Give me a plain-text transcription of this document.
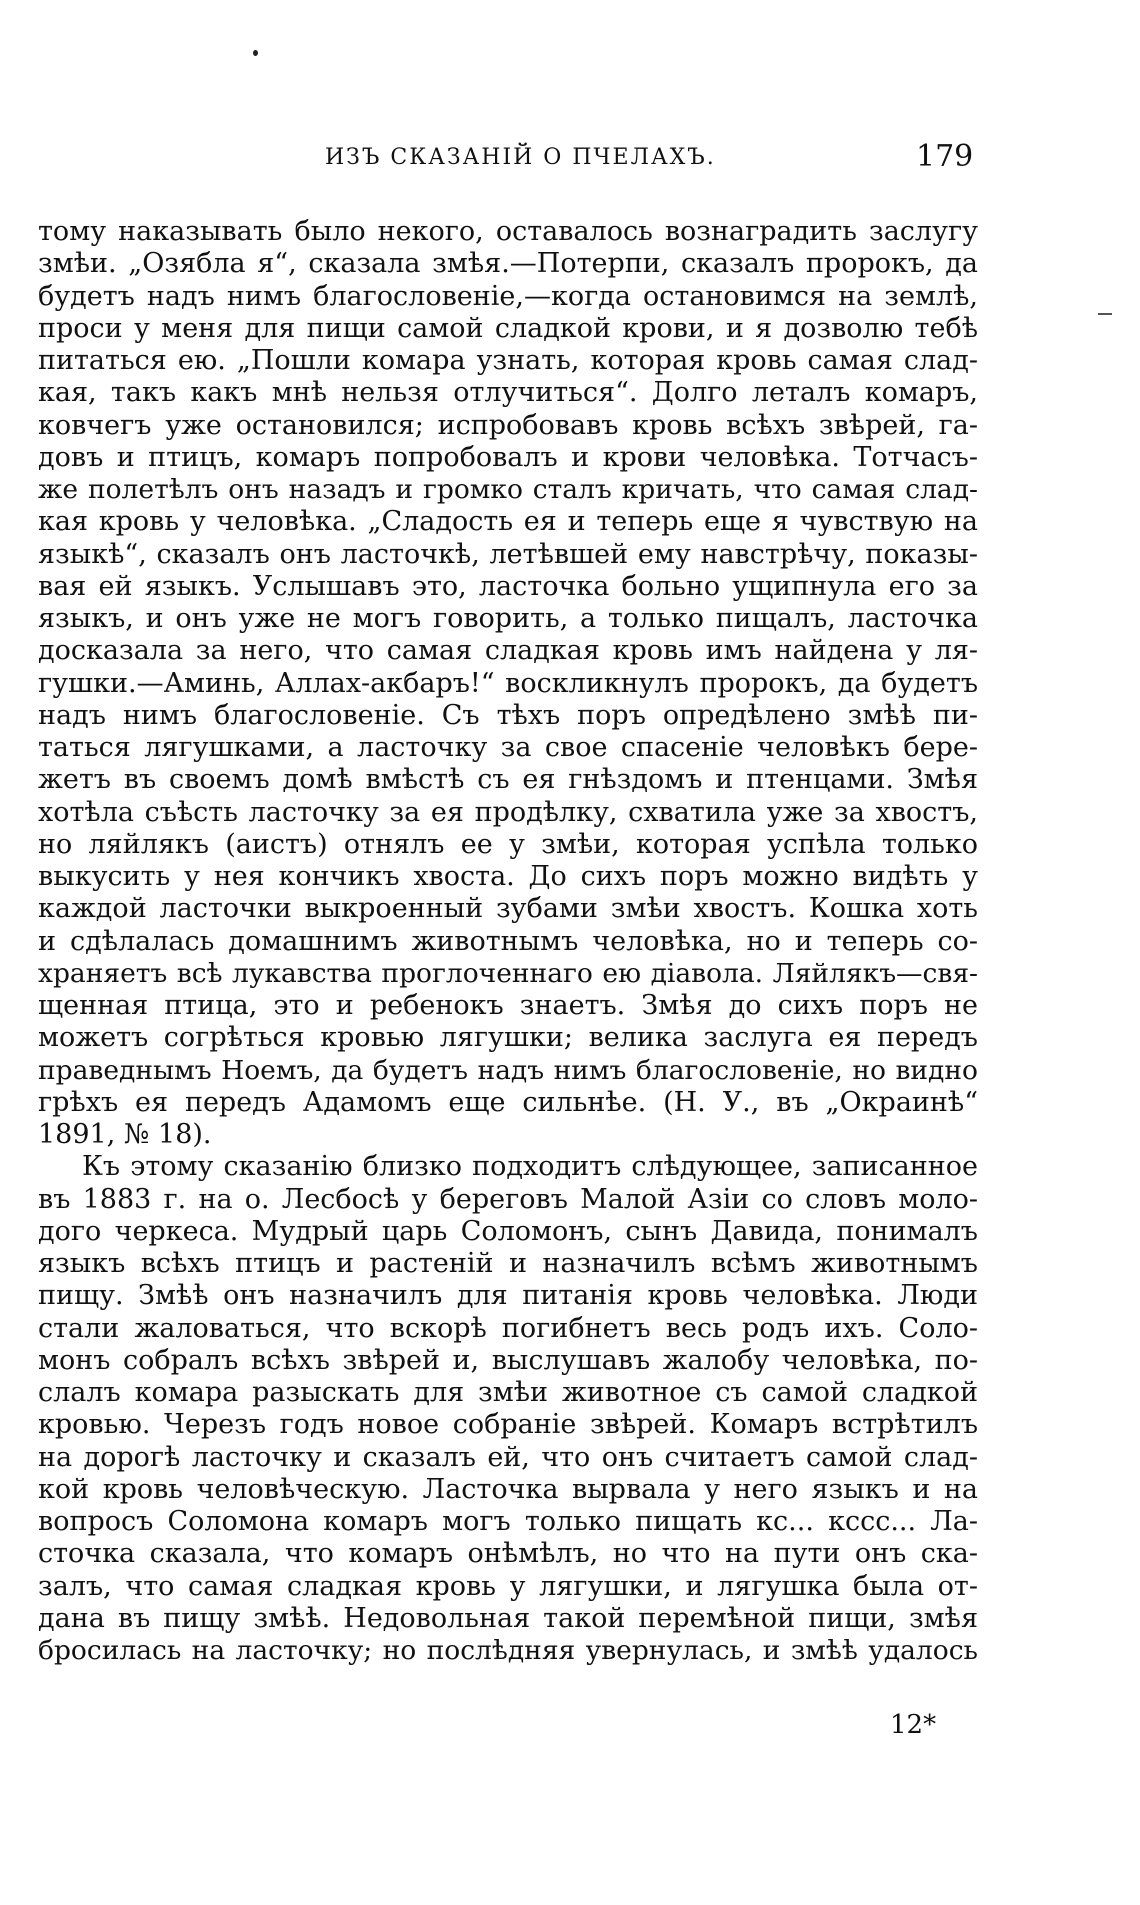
ИЗЪ СКАЗАНІЙ О ПЧЕЛАХЪ.	179
тому наказывать было некого, оставалось вознаградить заслугу
змѣи. „Озябла я“, сказала змѣя.—Потерпи, сказалъ пророкъ, да
будетъ надъ нимъ благословеніе,—когда остановимся на землѣ,
проси у меня для пищи самой сладкой крови, и я дозволю тебѣ
питаться ею. „Пошли комара узнать, которая кровь самая слад-
кая, такъ какъ мнѣ нельзя отлучиться“. Долго леталъ комаръ,
ковчегъ уже остановился; испробовавъ кровь всѣхъ звѣрей, га-
довъ и птицъ, комаръ попробовалъ и крови человѣка. Тотчасъ-
же полетѣлъ онъ назадъ и громко сталъ кричать, что самая слад-
кая кровь у человѣка. „Сладость ея и теперь еще я чувствую на
языкѣ“, сказалъ онъ ласточкѣ, летѣвшей ему навстрѣчу, показы-
вая ей языкъ. Услышавъ это, ласточка больно ущипнула его за
языкъ, и онъ уже не могъ говорить, а только пищалъ, ласточка
досказала за него, что самая сладкая кровь имъ найдена у ля-
гушки.—Аминь, Аллах-акбаръ!“ воскликнулъ пророкъ, да будетъ
надъ нимъ благословеніе. Съ тѣхъ поръ опредѣлено змѣѣ пи-
таться лягушками, а ласточку за свое спасеніе человѣкъ бере-
жетъ въ своемъ домѣ вмѣстѣ съ ея гнѣздомъ и птенцами. Змѣя
хотѣла съѣсть ласточку за ея продѣлку, схватила уже за хвостъ,
но ляйлякъ (аистъ) отнялъ ее у змѣи, которая успѣла только
выкусить у нея кончикъ хвоста. До сихъ поръ можно видѣть у
каждой ласточки выкроенный зубами змѣи хвостъ. Кошка хоть
и сдѣлалась домашнимъ животнымъ человѣка, но и теперь со-
храняетъ всѣ лукавства проглоченнаго ею діавола. Ляйлякъ—свя-
щенная птица, это и ребенокъ знаетъ. Змѣя до сихъ поръ не
можетъ согрѣться кровью лягушки; велика заслуга ея передъ
праведнымъ Ноемъ, да будетъ надъ нимъ благословеніе, но видно
грѣхъ ея передъ Адамомъ еще сильнѣе. (Н. У., въ „Окраинѣ“
1891, № 18).
Къ этому сказанію близко подходитъ слѣдующее, записанное
въ 1883 г. на о. Лесбосѣ у береговъ Малой Азіи со словъ моло-
дого черкеса. Мудрый царь Соломонъ, сынъ Давида, понималъ
языкъ всѣхъ птицъ и растеній и назначилъ всѣмъ животнымъ
пищу. Змѣѣ онъ назначилъ для питанія кровь человѣка. Люди
стали жаловаться, что вскорѣ погибнетъ весь родъ ихъ. Соло-
монъ собралъ всѣхъ звѣрей и, выслушавъ жалобу человѣка, по-
слалъ комара разыскать для змѣи животное съ самой сладкой
кровью. Черезъ годъ новое собраніе звѣрей. Комаръ встрѣтилъ
на дорогѣ ласточку и сказалъ ей, что онъ считаетъ самой слад-
кой кровь человѣческую. Ласточка вырвала у него языкъ и на
вопросъ Соломона комаръ могъ только пищать кс... кссс... Ла-
сточка сказала, что комаръ онѣмѣлъ, но что на пути онъ ска-
залъ, что самая сладкая кровь у лягушки, и лягушка была от-
дана въ пищу змѣѣ. Недовольная такой перемѣной пищи, змѣя
бросилась на ласточку; но послѣдняя увернулась, и змѣѣ удалось
12*
